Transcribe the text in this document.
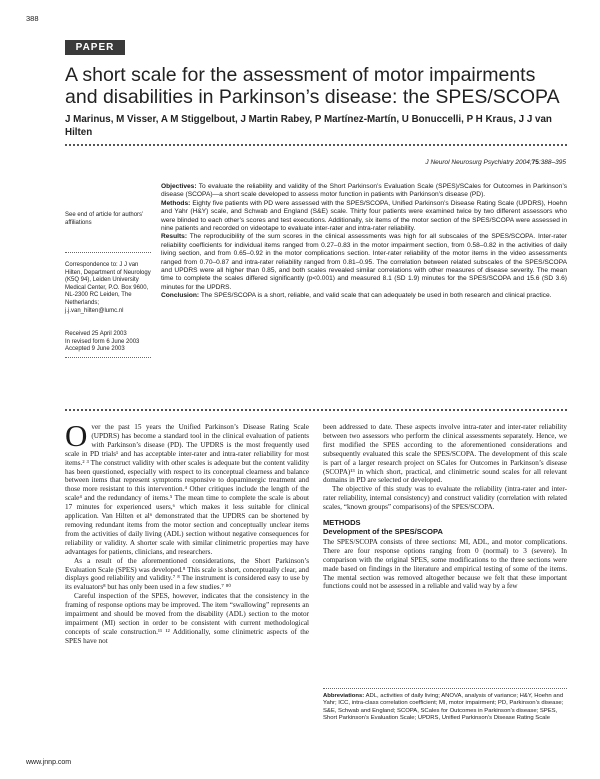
388
PAPER
A short scale for the assessment of motor impairments and disabilities in Parkinson’s disease: the SPES/SCOPA
J Marinus, M Visser, A M Stiggelbout, J Martin Rabey, P Martínez-Martín, U Bonuccelli, P H Kraus, J J van Hilten
J Neurol Neurosurg Psychiatry 2004;75:388–395

Objectives: To evaluate the reliability and validity of the Short Parkinson’s Evaluation Scale (SPES)/SCales for Outcomes in Parkinson’s disease (SCOPA)—a short scale developed to assess motor function in patients with Parkinson’s disease (PD).

Methods: Eighty five patients with PD were assessed with the SPES/SCOPA, Unified Parkinson’s Disease Rating Scale (UPDRS), Hoehn and Yahr (H&Y) scale, and Schwab and England (S&E) scale. Thirty four patients were examined twice by two different assessors who were blinded to each other’s scores and test executions. Additionally, six items of the motor section of the SPES/SCOPA were assessed in nine patients and recorded on videotape to evaluate inter-rater and intra-rater reliability.

Results: The reproducibility of the sum scores in the clinical assessments was high for all subscales of the SPES/SCOPA. Inter-rater reliability coefficients for individual items ranged from 0.27–0.83 in the motor impairment section, from 0.58–0.82 in the activities of daily living section, and from 0.65–0.92 in the motor complications section. Inter-rater reliability of the motor items in the video assessments ranged from 0.70–0.87 and intra-rater reliability ranged from 0.81–0.95. The correlation between related subscales of the SPES/SCOPA and UPDRS were all higher than 0.85, and both scales revealed similar correlations with other measures of disease severity. The mean time to complete the scales differed significantly (p<0.001) and measured 8.1 (SD 1.9) minutes for the SPES/SCOPA and 15.6 (SD 3.6) minutes for the UPDRS.

Conclusion: The SPES/SCOPA is a short, reliable, and valid scale that can adequately be used in both research and clinical practice.

See end of article for authors’ affiliations
Correspondence to: J J van Hilten, Department of Neurology (K5Q 94), Leiden University Medical Center, P.O. Box 9600, NL-2300 RC Leiden, The Netherlands; j.j.van_hilten@lumc.nl
Received 25 April 2003
In revised form 6 June 2003
Accepted 9 June 2003

Over the past 15 years the Unified Parkinson’s Disease Rating Scale (UPDRS) has become a standard tool in the clinical evaluation of patients with Parkinson’s disease (PD). The UPDRS is the most frequently used scale in PD trials¹ and has acceptable inter-rater and intra-rater reliability for most items.² ³ The construct validity with other scales is adequate but the content validity has been questioned, especially with respect to its conceptual clearness and balance between items that represent symptoms responsive to dopaminergic treatment and those more resistant to this intervention.⁴ Other critiques include the length of the scale⁴ and the redundancy of items.⁵ The mean time to complete the scale is about 17 minutes for experienced users,⁶ which makes it less suitable for clinical application. Van Hilten et al⁶ demonstrated that the UPDRS can be shortened by removing redundant items from the motor section and conceptually unclear items from the activities of daily living (ADL) section without negative consequences for reliability or validity. A shorter scale with similar clinimetric properties may have advantages for patients, clinicians, and researchers.

As a result of the aforementioned considerations, the Short Parkinson’s Evaluation Scale (SPES) was developed.⁸ This scale is short, conceptually clear, and displays good reliability and validity.⁷ ⁸ The instrument is considered easy to use by its evaluators⁸ but has only been used in a few studies.⁷ ⁸⁰

Careful inspection of the SPES, however, indicates that the consistency in the framing of response options may be improved. The item “swallowing” represents an impairment and should be moved from the disability (ADL) section to the motor impairment (MI) section in order to be consistent with current methodological concepts of scale construction.¹¹ ¹² Additionally, some clinimetric aspects of the SPES have not

been addressed to date. These aspects involve intra-rater and inter-rater reliability between two assessors who perform the clinical assessments separately. Hence, we first modified the SPES according to the aforementioned considerations and subsequently evaluated this scale the SPES/SCOPA. The development of this scale is part of a larger research project on SCales for Outcomes in Parkinson’s disease (SCOPA)¹³ in which short, practical, and clinimetric sound scales for all relevant domains in PD are selected or developed.

The objective of this study was to evaluate the reliability (intra-rater and inter-rater reliability, internal consistency) and construct validity (correlation with related scales, “known groups” comparisons) of the SPES/SCOPA.

METHODS

Development of the SPES/SCOPA

The SPES/SCOPA consists of three sections: MI, ADL, and motor complications. There are four response options ranging from 0 (normal) to 3 (severe). In comparison with the original SPES, some modifications to the three sections were made based on findings in the literature and empirical testing of some of the items. The mental section was removed altogether because we felt that these important functions could not be assessed in a reliable and valid way by a few

Abbreviations: ADL, activities of daily living; ANOVA, analysis of variance; H&Y, Hoehn and Yahr; ICC, intra-class correlation coefficient; MI, motor impairment; PD, Parkinson’s disease; S&E, Schwab and England; SCOPA, SCales for Outcomes in Parkinson’s disease; SPES, Short Parkinson’s Evaluation Scale; UPDRS, Unified Parkinson’s Disease Rating Scale
www.jnnp.com
